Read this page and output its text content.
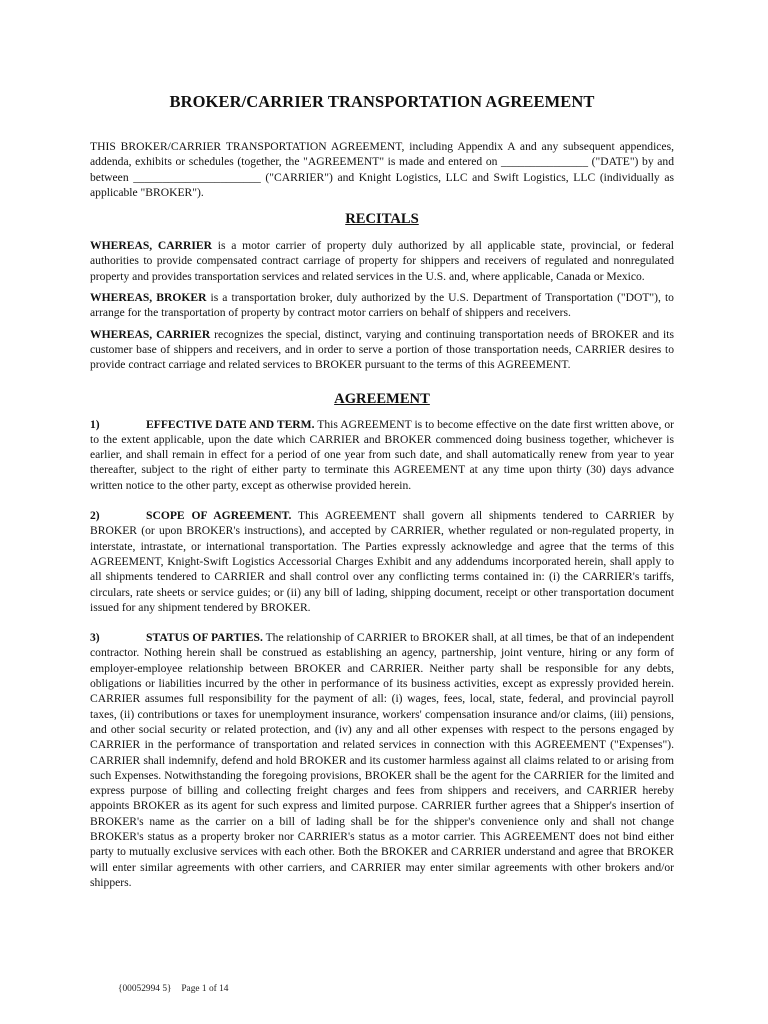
BROKER/CARRIER TRANSPORTATION AGREEMENT

THIS BROKER/CARRIER TRANSPORTATION AGREEMENT, including Appendix A and any subsequent appendices, addenda, exhibits or schedules (together, the "AGREEMENT" is made and entered on _______________ ("DATE") by and between ______________________ ("CARRIER") and Knight Logistics, LLC and Swift Logistics, LLC (individually as applicable "BROKER").

RECITALS

WHEREAS, CARRIER is a motor carrier of property duly authorized by all applicable state, provincial, or federal authorities to provide compensated contract carriage of property for shippers and receivers of regulated and nonregulated property and provides transportation services and related services in the U.S. and, where applicable, Canada or Mexico.

WHEREAS, BROKER is a transportation broker, duly authorized by the U.S. Department of Transportation ("DOT"), to arrange for the transportation of property by contract motor carriers on behalf of shippers and receivers.

WHEREAS, CARRIER recognizes the special, distinct, varying and continuing transportation needs of BROKER and its customer base of shippers and receivers, and in order to serve a portion of those transportation needs, CARRIER desires to provide contract carriage and related services to BROKER pursuant to the terms of this AGREEMENT.

AGREEMENT

1)	EFFECTIVE DATE AND TERM. This AGREEMENT is to become effective on the date first written above, or to the extent applicable, upon the date which CARRIER and BROKER commenced doing business together, whichever is earlier, and shall remain in effect for a period of one year from such date, and shall automatically renew from year to year thereafter, subject to the right of either party to terminate this AGREEMENT at any time upon thirty (30) days advance written notice to the other party, except as otherwise provided herein.

2)	SCOPE OF AGREEMENT. This AGREEMENT shall govern all shipments tendered to CARRIER by BROKER (or upon BROKER's instructions), and accepted by CARRIER, whether regulated or non-regulated property, in interstate, intrastate, or international transportation. The Parties expressly acknowledge and agree that the terms of this AGREEMENT, Knight-Swift Logistics Accessorial Charges Exhibit and any addendums incorporated herein, shall apply to all shipments tendered to CARRIER and shall control over any conflicting terms contained in: (i) the CARRIER's tariffs, circulars, rate sheets or service guides; or (ii) any bill of lading, shipping document, receipt or other transportation document issued for any shipment tendered by BROKER.

3)	STATUS OF PARTIES. The relationship of CARRIER to BROKER shall, at all times, be that of an independent contractor. Nothing herein shall be construed as establishing an agency, partnership, joint venture, hiring or any form of employer-employee relationship between BROKER and CARRIER. Neither party shall be responsible for any debts, obligations or liabilities incurred by the other in performance of its business activities, except as expressly provided herein. CARRIER assumes full responsibility for the payment of all: (i) wages, fees, local, state, federal, and provincial payroll taxes, (ii) contributions or taxes for unemployment insurance, workers' compensation insurance and/or claims, (iii) pensions, and other social security or related protection, and (iv) any and all other expenses with respect to the persons engaged by CARRIER in the performance of transportation and related services in connection with this AGREEMENT ("Expenses"). CARRIER shall indemnify, defend and hold BROKER and its customer harmless against all claims related to or arising from such Expenses. Notwithstanding the foregoing provisions, BROKER shall be the agent for the CARRIER for the limited and express purpose of billing and collecting freight charges and fees from shippers and receivers, and CARRIER hereby appoints BROKER as its agent for such express and limited purpose. CARRIER further agrees that a Shipper's insertion of BROKER's name as the carrier on a bill of lading shall be for the shipper's convenience only and shall not change BROKER's status as a property broker nor CARRIER's status as a motor carrier. This AGREEMENT does not bind either party to mutually exclusive services with each other. Both the BROKER and CARRIER understand and agree that BROKER will enter similar agreements with other carriers, and CARRIER may enter similar agreements with other brokers and/or shippers.

{00052994 5} Page 1 of 14
